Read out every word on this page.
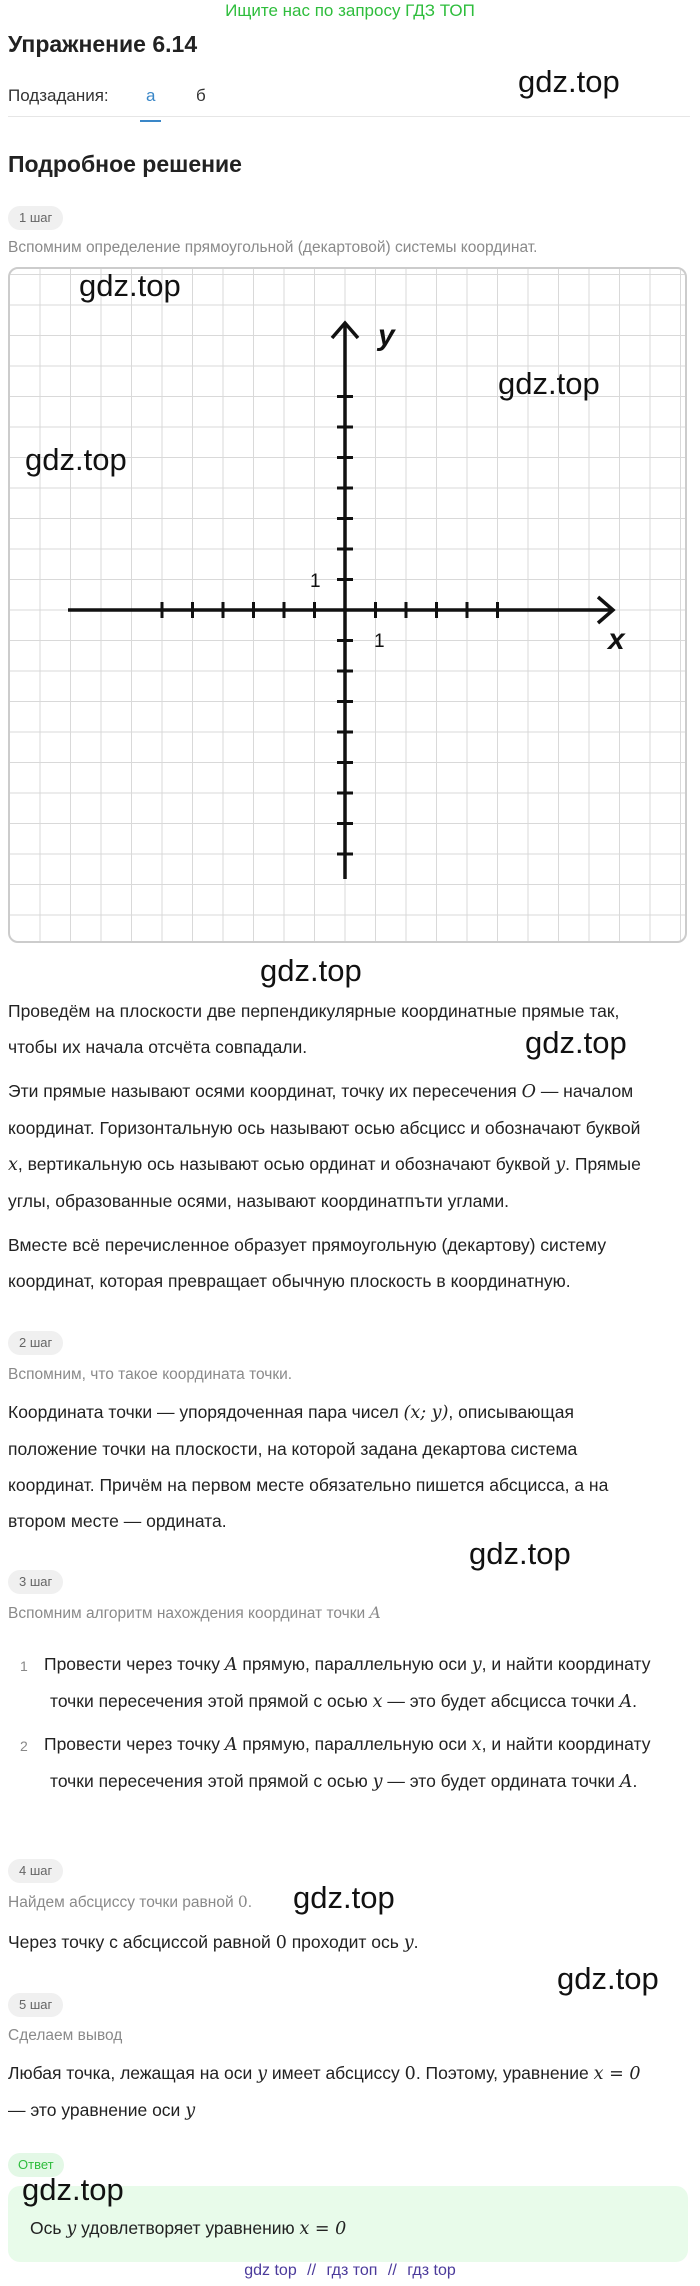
Ищите нас по запросу ГДЗ ТОП
Упражнение 6.14
Подзадания:	а	б	gdz.top
Подробное решение
1 шаг
Вспомним определение прямоугольной (декартовой) системы координат.
y
x
1
1
gdz.top
gdz.top
gdz.top
gdz.top
Проведём на плоскости две перпендикулярные координатные прямые так,
чтобы их начала отсчёта совпадали.	gdz.top
Эти прямые называют осями координат, точку их пересечения O — началом
координат. Горизонтальную ось называют осью абсцисс и обозначают буквой
x, вертикальную ось называют осью ординат и обозначают буквой y. Прямые
углы, образованные осями, называют координатпъти углами.
Вместе всё перечисленное образует прямоугольную (декартову) систему
координат, которая превращает обычную плоскость в координатную.
2 шаг
Вспомним, что такое координата точки.
Координата точки — упорядоченная пара чисел (x; y), описывающая
положение точки на плоскости, на которой задана декартова система
координат. Причём на первом месте обязательно пишется абсцисса, а на
втором месте — ордината.
gdz.top
3 шаг
Вспомним алгоритм нахождения координат точки A
1 Провести через точку A прямую, параллельную оси y, и найти координату
точки пересечения этой прямой с осью x — это будет абсцисса точки A.
2 Провести через точку A прямую, параллельную оси x, и найти координату
точки пересечения этой прямой с осью y — это будет ордината точки A.
4 шаг
Найдем абсциссу точки равной 0. gdz.top
Через точку с абсциссой равной 0 проходит ось y.
gdz.top
5 шаг
Сделаем вывод
Любая точка, лежащая на оси y имеет абсциссу 0. Поэтому, уравнение x = 0
— это уравнение оси y
Ответ
gdz.top
Ось y удовлетворяет уравнению x = 0
gdz top // гдз топ // гдз top
